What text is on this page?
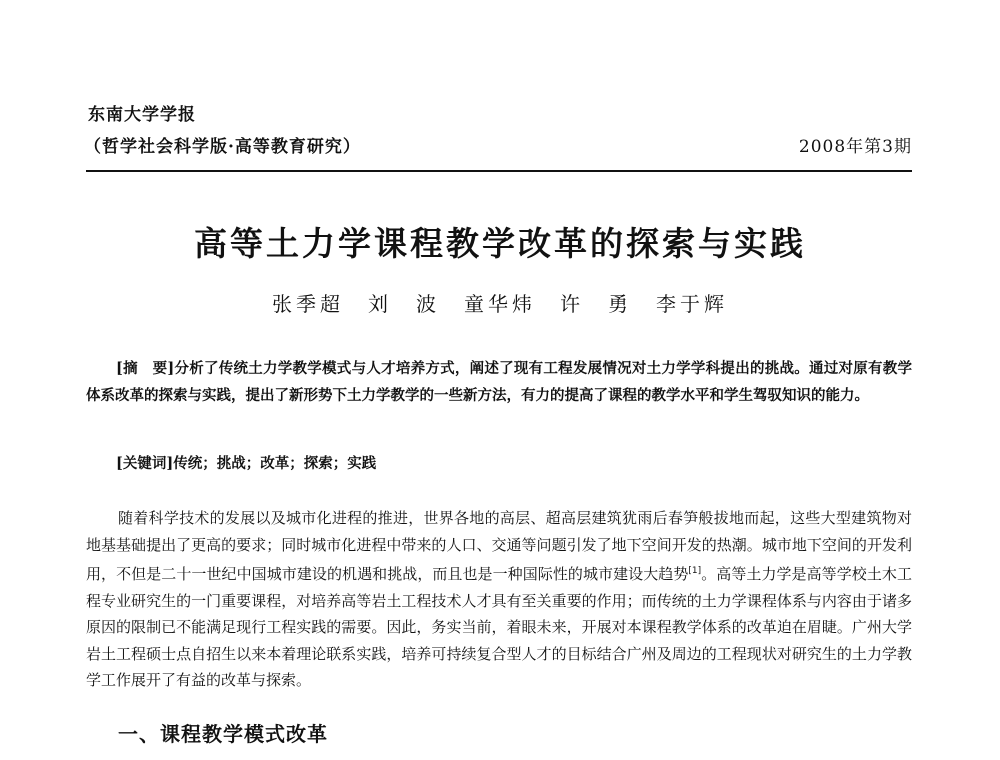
东南大学学报
（哲学社会科学版·高等教育研究）	2008年第3期
高等土力学课程教学改革的探索与实践
张季超　刘　波　童华炜　许　勇　李于辉
[摘　要]分析了传统土力学教学模式与人才培养方式，阐述了现有工程发展情况对土力学学科提出的挑战。通过对原有教学体系改革的探索与实践，提出了新形势下土力学教学的一些新方法，有力的提高了课程的教学水平和学生驾驭知识的能力。
[关键词]传统；挑战；改革；探索；实践
随着科学技术的发展以及城市化进程的推进，世界各地的高层、超高层建筑犹雨后春笋般拔地而起，这些大型建筑物对地基基础提出了更高的要求；同时城市化进程中带来的人口、交通等问题引发了地下空间开发的热潮。城市地下空间的开发利用，不但是二十一世纪中国城市建设的机遇和挑战，而且也是一种国际性的城市建设大趋势[1]。高等土力学是高等学校土木工程专业研究生的一门重要课程，对培养高等岩土工程技术人才具有至关重要的作用；而传统的土力学课程体系与内容由于诸多原因的限制已不能满足现行工程实践的需要。因此，务实当前，着眼未来，开展对本课程教学体系的改革迫在眉睫。广州大学岩土工程硕士点自招生以来本着理论联系实践，培养可持续复合型人才的目标结合广州及周边的工程现状对研究生的土力学教学工作展开了有益的改革与探索。
一、课程教学模式改革
